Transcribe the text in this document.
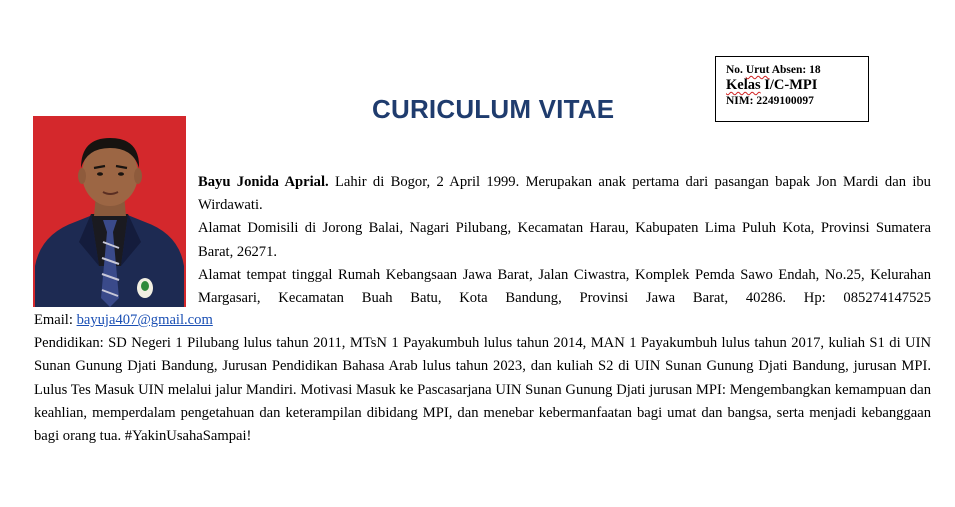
No. Urut Absen: 18
Kelas I/C-MPI
NIM: 2249100097
CURICULUM VITAE

Bayu Jonida Aprial. Lahir di Bogor, 2 April 1999. Merupakan anak pertama dari pasangan bapak Jon Mardi dan ibu Wirdawati.

Alamat Domisili di Jorong Balai, Nagari Pilubang, Kecamatan Harau, Kabupaten Lima Puluh Kota, Provinsi Sumatera Barat, 26271.

Alamat tempat tinggal Rumah Kebangsaan Jawa Barat, Jalan Ciwastra, Komplek Pemda Sawo Endah, No.25, Kelurahan Margasari, Kecamatan Buah Batu, Kota Bandung, Provinsi Jawa Barat, 40286. Hp: 085274147525

Email: bayuja407@gmail.com

Pendidikan: SD Negeri 1 Pilubang lulus tahun 2011, MTsN 1 Payakumbuh lulus tahun 2014, MAN 1 Payakumbuh lulus tahun 2017, kuliah S1 di UIN Sunan Gunung Djati Bandung, Jurusan Pendidikan Bahasa Arab lulus tahun 2023, dan kuliah S2 di UIN Sunan Gunung Djati Bandung, jurusan MPI. Lulus Tes Masuk UIN melalui jalur Mandiri. Motivasi Masuk ke Pascasarjana UIN Sunan Gunung Djati jurusan MPI: Mengembangkan kemampuan dan keahlian, memperdalam pengetahuan dan keterampilan dibidang MPI, dan menebar kebermanfaatan bagi umat dan bangsa, serta menjadi kebanggaan bagi orang tua. #YakinUsahaSampai!
